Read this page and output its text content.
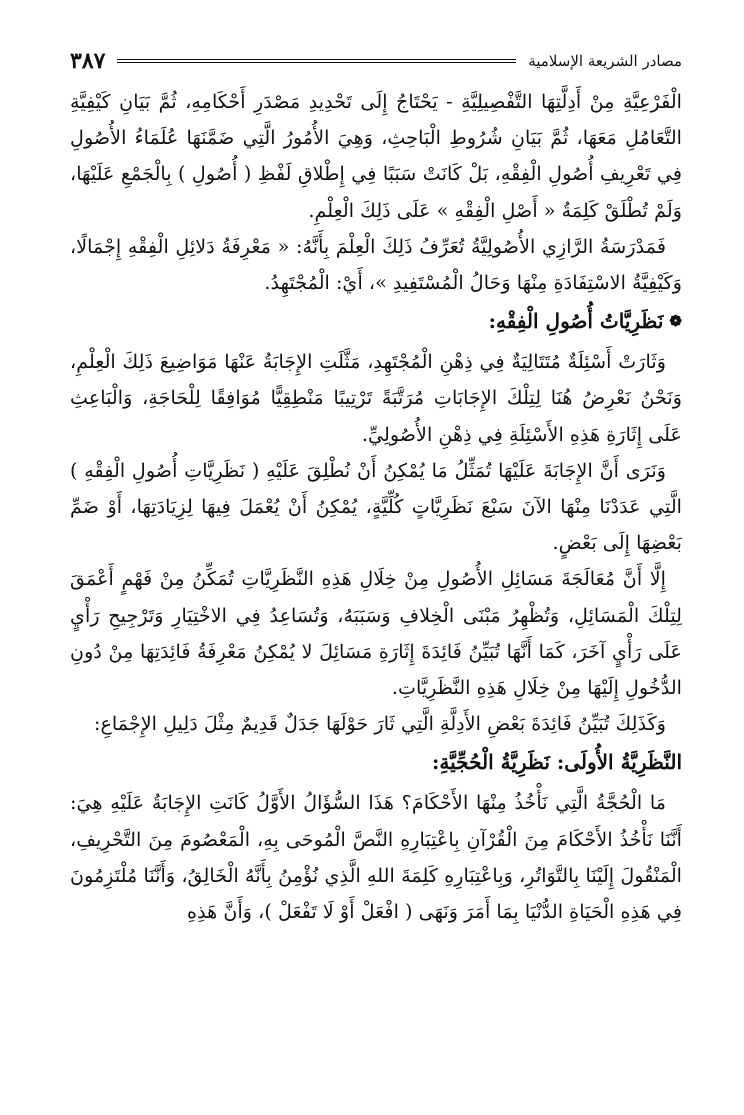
مصادر الشريعة الإسلامية
٣٨٧

الْفَرْعِيَّةِ مِنْ أَدِلَّتِهَا التَّفْصِيلِيَّةِ - يَحْتَاجُ إِلَى تَحْدِيدِ مَصْدَرِ أَحْكَامِهِ، ثُمَّ بَيَانِ كَيْفِيَّةِ التَّعَامُلِ مَعَهَا، ثُمَّ بَيَانِ شُرُوطِ الْبَاحِثِ، وَهِيَ الأُمُورُ الَّتِي ضَمَّنَهَا عُلَمَاءُ الأُصُولِ فِي تَعْرِيفِ أُصُولِ الْفِقْهِ، بَلْ كَانَتْ سَبَبًا فِي إِطْلاقِ لَفْظِ ( أُصُولِ ) بِالْجَمْعِ عَلَيْهَا، وَلَمْ تُطْلَقْ كَلِمَةُ « أَصْلِ الْفِقْهِ » عَلَى ذَلِكَ الْعِلْمِ.

فَمَدْرَسَةُ الرَّازِي الأُصُولِيَّةُ تُعَرِّفُ ذَلِكَ الْعِلْمَ بِأَنَّهُ: « مَعْرِفَةُ دَلائِلِ الْفِقْهِ إِجْمَالًا، وَكَيْفِيَّةُ الاسْتِفَادَةِ مِنْهَا وَحَالُ الْمُسْتَفِيدِ »، أَيْ: الْمُجْتَهِدُ.

❁نَظَرِيَّاتُ أُصُولِ الْفِقْهِ:

وَثَارَتْ أَسْئِلَةٌ مُتَتَالِيَةٌ فِي ذِهْنِ الْمُجْتَهِدِ، مَثَّلَتِ الإِجَابَةُ عَنْهَا مَوَاضِيعَ ذَلِكَ الْعِلْمِ، وَنَحْنُ نَعْرِضُ هُنَا لِتِلْكَ الإِجَابَاتِ مُرَتَّبَةً تَرْتِيبًا مَنْطِقِيًّا مُوَافِقًا لِلْحَاجَةِ، وَالْبَاعِثِ عَلَى إِثَارَةِ هَذِهِ الأَسْئِلَةِ فِي ذِهْنِ الأُصُولِيِّ.

وَنَرَى أَنَّ الإِجَابَةَ عَلَيْهَا تُمَثِّلُ مَا يُمْكِنُ أَنْ نُطْلِقَ عَلَيْهِ ( نَظَرِيَّاتِ أُصُولِ الْفِقْهِ ) الَّتِي عَدَدْنَا مِنْهَا الآنَ سَبْعَ نَظَرِيَّاتٍ كُلِّيَّةٍ، يُمْكِنُ أَنْ يُعْمَلَ فِيهَا لِزِيَادَتِهَا، أَوْ ضَمِّ بَعْضِهَا إِلَى بَعْضٍ.

إِلَّا أَنَّ مُعَالَجَةَ مَسَائِلِ الأُصُولِ مِنْ خِلَالِ هَذِهِ النَّظَرِيَّاتِ تُمَكِّنُ مِنْ فَهْمٍ أَعْمَقَ لِتِلْكَ الْمَسَائِلِ، وَتُظْهِرُ مَبْنَى الْخِلافِ وَسَبَبَهُ، وَتُسَاعِدُ فِي الاخْتِيَارِ وَتَرْجِيحِ رَأْيٍ عَلَى رَأْيٍ آخَرَ، كَمَا أَنَّهَا تُبَيِّنُ فَائِدَةَ إِثَارَةِ مَسَائِلَ لا يُمْكِنُ مَعْرِفَةُ فَائِدَتِهَا مِنْ دُونِ الدُّخُولِ إِلَيْهَا مِنْ خِلَالِ هَذِهِ النَّظَرِيَّاتِ.

وَكَذَلِكَ تُبَيِّنُ فَائِدَةَ بَعْضِ الأَدِلَّةِ الَّتِي ثَارَ حَوْلَهَا جَدَلٌ قَدِيمٌ مِثْلَ دَلِيلِ الإِجْمَاعِ:

النَّظَرِيَّةُ الأُولَى: نَظَرِيَّةُ الْحُجِّيَّةِ:

مَا الْحُجَّةُ الَّتِي نَأْخُذُ مِنْهَا الأَحْكَامَ؟ هَذَا السُّؤَالُ الأَوَّلُ كَانَتِ الإِجَابَةُ عَلَيْهِ هِيَ: أَنَّنَا نَأْخُذُ الأَحْكَامَ مِنَ الْقُرْآنِ بِاعْتِبَارِهِ النَّصَّ الْمُوحَى بِهِ، الْمَعْصُومَ مِنَ التَّحْرِيفِ، الْمَنْقُولَ إِلَيْنَا بِالتَّوَاتُرِ، وَبِاعْتِبَارِهِ كَلِمَةَ اللهِ الَّذِي نُؤْمِنُ بِأَنَّهُ الْخَالِقُ، وَأَنَّنَا مُلْتَزِمُونَ فِي هَذِهِ الْحَيَاةِ الدُّنْيَا بِمَا أَمَرَ وَنَهَى ( افْعَلْ أَوْ لَا تَفْعَلْ )، وَأَنَّ هَذِهِ
